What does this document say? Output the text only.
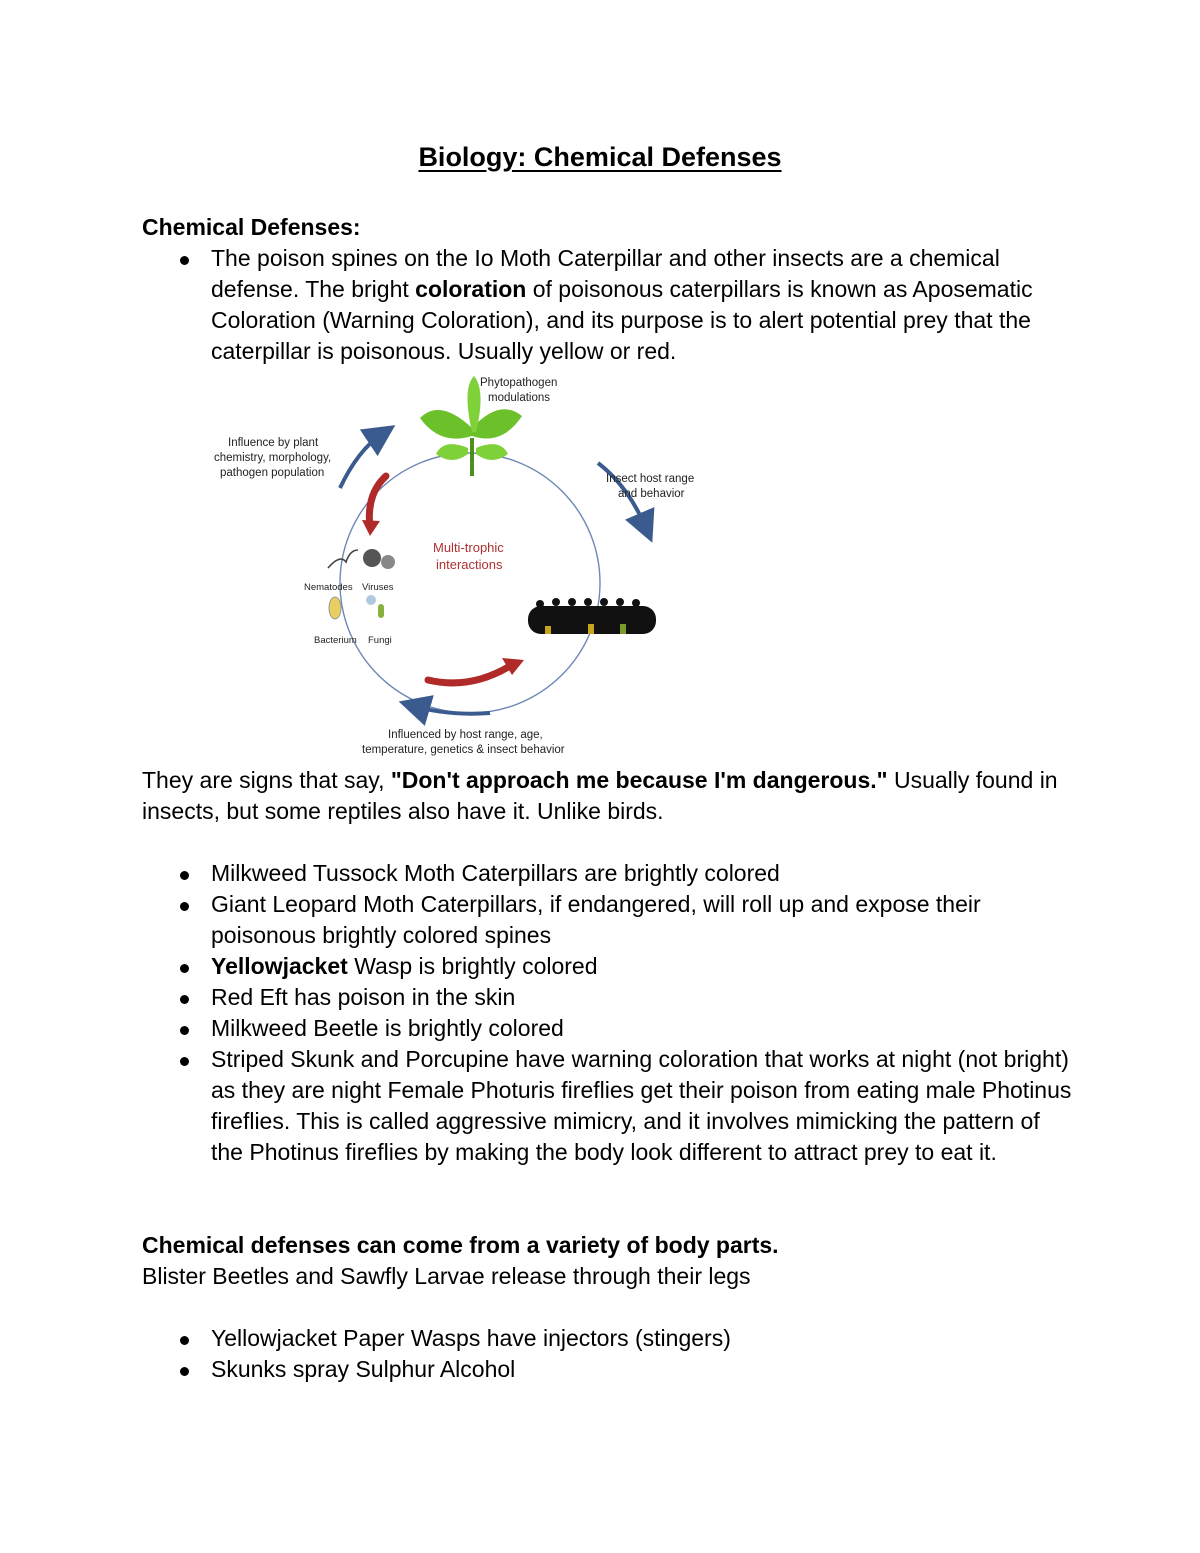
Biology: Chemical Defenses
Chemical Defenses:
The poison spines on the Io Moth Caterpillar and other insects are a chemical defense. The bright coloration of poisonous caterpillars is known as Aposematic Coloration (Warning Coloration), and its purpose is to alert potential prey that the caterpillar is poisonous. Usually yellow or red.
Phytopathogen
modulations
Influence by plant
chemistry, morphology,
pathogen population	Insect host range
and behavior
Multi-trophic
interactions
Nematodes Viruses
Bacterium Fungi
Influenced by host range, age,
temperature, genetics & insect behavior

They are signs that say, "Don't approach me because I'm dangerous." Usually found in insects, but some reptiles also have it. Unlike birds.

Milkweed Tussock Moth Caterpillars are brightly colored
Giant Leopard Moth Caterpillars, if endangered, will roll up and expose their poisonous brightly colored spines
Yellowjacket Wasp is brightly colored
Red Eft has poison in the skin
Milkweed Beetle is brightly colored
Striped Skunk and Porcupine have warning coloration that works at night (not bright) as they are night Female Photuris fireflies get their poison from eating male Photinus fireflies. This is called aggressive mimicry, and it involves mimicking the pattern of the Photinus fireflies by making the body look different to attract prey to eat it.
Chemical defenses can come from a variety of body parts.
Blister Beetles and Sawfly Larvae release through their legs
Yellowjacket Paper Wasps have injectors (stingers)
Skunks spray Sulphur Alcohol
